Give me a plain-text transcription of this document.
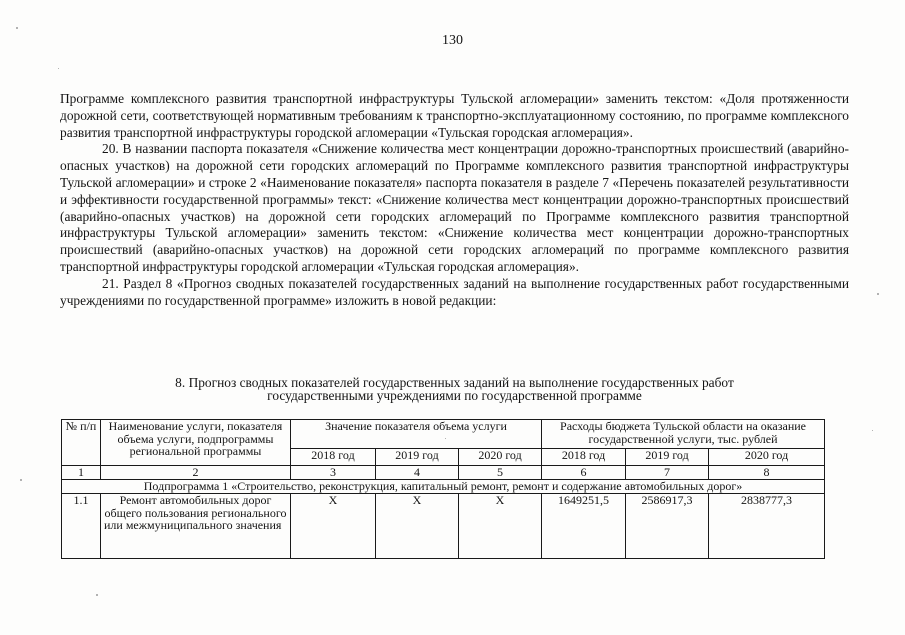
130

Программе комплексного развития транспортной инфраструктуры Тульской агломерации» заменить текстом: «Доля протяженности дорожной сети, соответствующей нормативным требованиям к транспортно-эксплуатационному состоянию, по программе комплексного развития транспортной инфраструктуры городской агломерации «Тульская городская агломерация».

20. В названии паспорта показателя «Снижение количества мест концентрации дорожно-транспортных происшествий (аварийно-опасных участков) на дорожной сети городских агломераций по Программе комплексного развития транспортной инфраструктуры Тульской агломерации» и строке 2 «Наименование показателя» паспорта показателя в разделе 7 «Перечень показателей результативности и эффективности государственной программы» текст: «Снижение количества мест концентрации дорожно-транспортных происшествий (аварийно-опасных участков) на дорожной сети городских агломераций по Программе комплексного развития транспортной инфраструктуры Тульской агломерации» заменить текстом: «Снижение количества мест концентрации дорожно-транспортных происшествий (аварийно-опасных участков) на дорожной сети городских агломераций по программе комплексного развития транспортной инфраструктуры городской агломерации «Тульская городская агломерация».

21. Раздел 8 «Прогноз сводных показателей государственных заданий на выполнение государственных работ государственными учреждениями по государственной программе» изложить в новой редакции:

8. Прогноз сводных показателей государственных заданий на выполнение государственных работ
государственными учреждениями по государственной программе
№ п/п	Наименование услуги, показателя объема услуги, подпрограммы региональной программы	Значение показателя объема услуги			Расходы бюджета Тульской области на оказание государственной услуги, тыс. рублей		
		2018 год	2019 год	2020 год	2018 год	2019 год	2020 год
1	2	3	4	5	6	7	8
Подпрограмма 1 «Строительство, реконструкция, капитальный ремонт, ремонт и содержание автомобильных дорог»							
1.1	Ремонт автомобильных дорог общего пользования регионального или межмуниципального значения	Х	Х	Х	1649251,5	2586917,3	2838777,3
